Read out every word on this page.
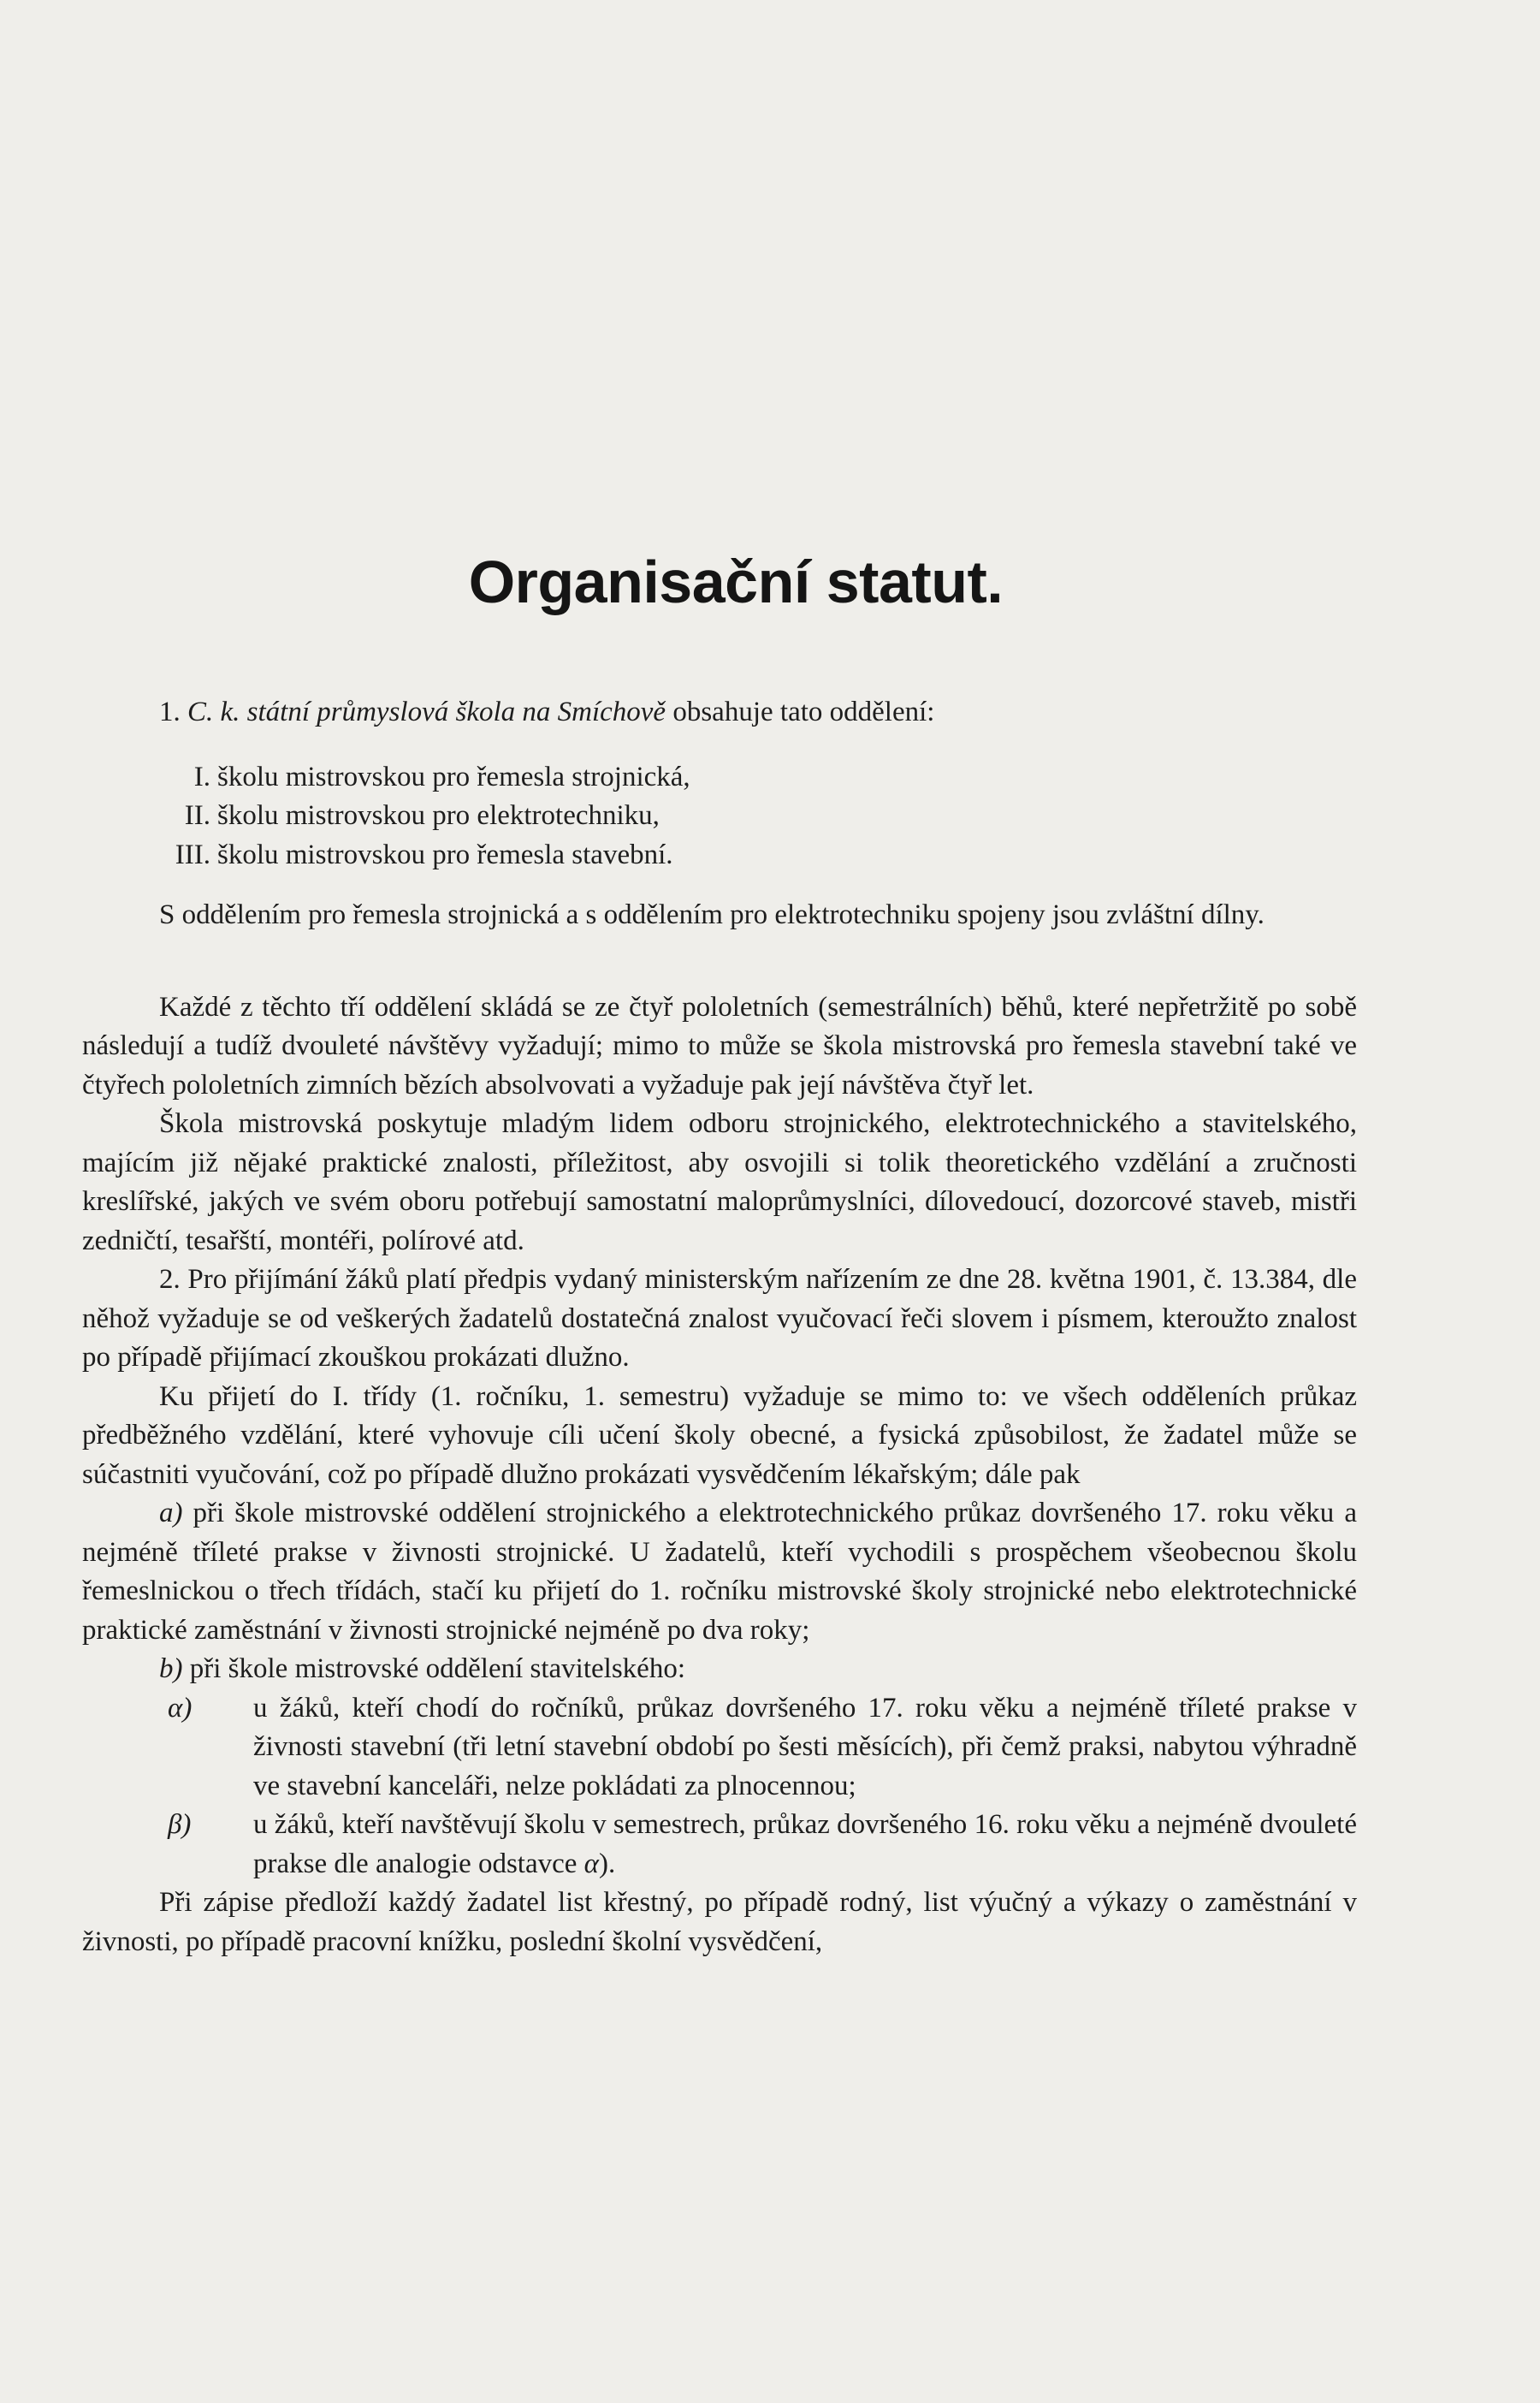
Organisační statut.

1. C. k. státní průmyslová škola na Smíchově obsahuje tato oddělení:

I. školu mistrovskou pro řemesla strojnická,
II. školu mistrovskou pro elektrotechniku,
III. školu mistrovskou pro řemesla stavební.

S oddělením pro řemesla strojnická a s oddělením pro elektrotechniku spojeny jsou zvláštní dílny.

Každé z těchto tří oddělení skládá se ze čtyř pololetních (semestrálních) běhů, které nepřetržitě po sobě následují a tudíž dvouleté návštěvy vyžadují; mimo to může se škola mistrovská pro řemesla stavební také ve čtyřech pololetních zimních bězích absolvovati a vyžaduje pak její návštěva čtyř let.

Škola mistrovská poskytuje mladým lidem odboru strojnického, elektrotechnického a stavitelského, majícím již nějaké praktické znalosti, příležitost, aby osvojili si tolik theoretického vzdělání a zručnosti kreslířské, jakých ve svém oboru potřebují samostatní maloprůmyslníci, dílovedoucí, dozorcové staveb, mistři zedničtí, tesařští, montéři, polírové atd.

2. Pro přijímání žáků platí předpis vydaný ministerským nařízením ze dne 28. května 1901, č. 13.384, dle něhož vyžaduje se od veškerých žadatelů dostatečná znalost vyučovací řeči slovem i písmem, kteroužto znalost po případě přijímací zkouškou prokázati dlužno.

Ku přijetí do I. třídy (1. ročníku, 1. semestru) vyžaduje se mimo to: ve všech odděleních průkaz předběžného vzdělání, které vyhovuje cíli učení školy obecné, a fysická způsobilost, že žadatel může se súčastniti vyučování, což po případě dlužno prokázati vysvědčením lékařským; dále pak

a) při škole mistrovské oddělení strojnického a elektrotechnického průkaz dovršeného 17. roku věku a nejméně tříleté prakse v živnosti strojnické. U žadatelů, kteří vychodili s prospěchem všeobecnou školu řemeslnickou o třech třídách, stačí ku přijetí do 1. ročníku mistrovské školy strojnické nebo elektrotechnické praktické zaměstnání v živnosti strojnické nejméně po dva roky;

b) při škole mistrovské oddělení stavitelského:

α) u žáků, kteří chodí do ročníků, průkaz dovršeného 17. roku věku a nejméně tříleté prakse v živnosti stavební (tři letní stavební období po šesti měsících), při čemž praksi, nabytou výhradně ve stavební kanceláři, nelze pokládati za plnocennou;

β) u žáků, kteří navštěvují školu v semestrech, průkaz dovršeného 16. roku věku a nejméně dvouleté prakse dle analogie odstavce α).

Při zápise předloží každý žadatel list křestný, po případě rodný, list výučný a výkazy o zaměstnání v živnosti, po případě pracovní knížku, poslední školní vysvědčení,
